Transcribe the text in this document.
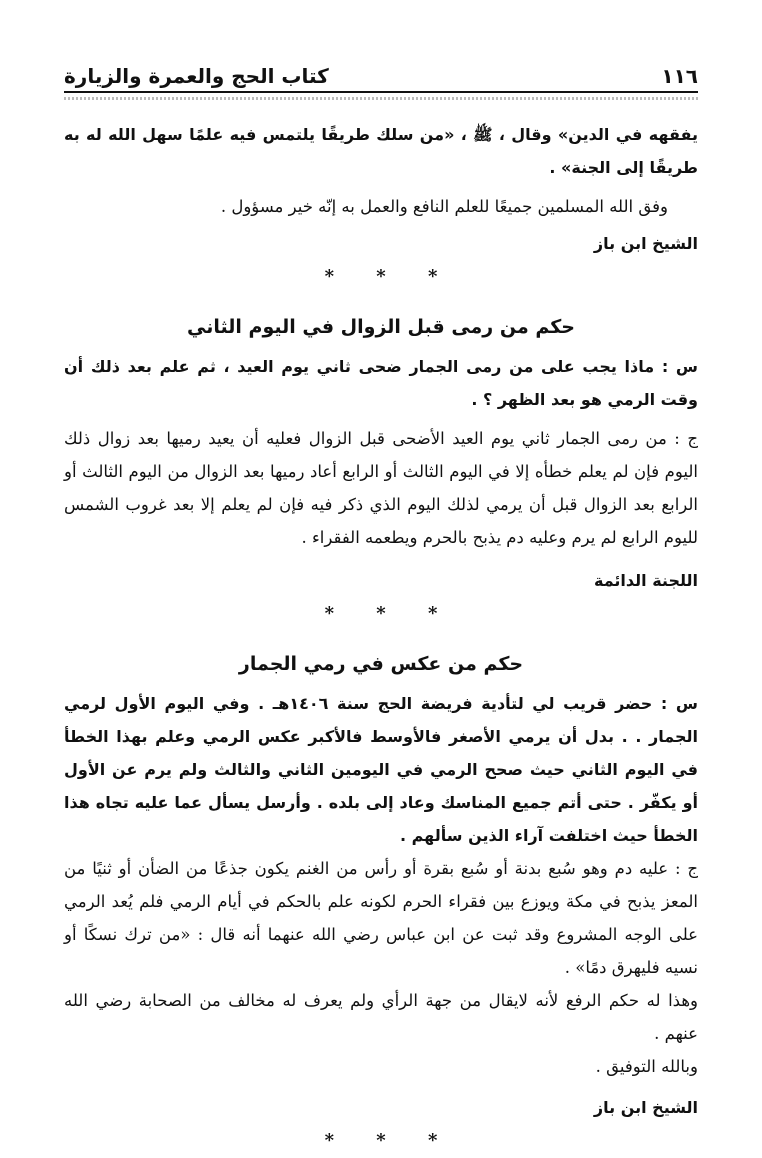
١١٦
كتاب الحج والعمرة والزيارة

يفقهه في الدين» وقال ، ﷺ ، «من سلك طريقًا يلتمس فيه علمًا سهل الله له به طريقًا إلى الجنة» .

وفق الله المسلمين جميعًا للعلم النافع والعمل به إنّه خير مسؤول .

الشيخ ابن باز

* * *
حكم من رمى قبل الزوال في اليوم الثاني

س : ماذا يجب على من رمى الجمار ضحى ثاني يوم العيد ، ثم علم بعد ذلك أن وقت الرمي هو بعد الظهر ؟ .

ج : من رمى الجمار ثاني يوم العيد الأضحى قبل الزوال فعليه أن يعيد رميها بعد زوال ذلك اليوم فإن لم يعلم خطأه إلا في اليوم الثالث أو الرابع أعاد رميها بعد الزوال من اليوم الثالث أو الرابع بعد الزوال قبل أن يرمي لذلك اليوم الذي ذكر فيه فإن لم يعلم إلا بعد غروب الشمس لليوم الرابع لم يرم وعليه دم يذبح بالحرم ويطعمه الفقراء .

اللجنة الدائمة

* * *
حكم من عكس في رمي الجمار

س : حضر قريب لي لتأدية فريضة الحج سنة ١٤٠٦هـ . وفي اليوم الأول لرمي الجمار . . بدل أن يرمي الأصغر فالأوسط فالأكبر عكس الرمي وعلم بهذا الخطأ في اليوم الثاني حيث صحح الرمي في اليومين الثاني والثالث ولم يرم عن الأول أو يكفّر . حتى أتم جميع المناسك وعاد إلى بلده . وأرسل يسأل عما عليه تجاه هذا الخطأ حيث اختلفت آراء الذين سألهم .

ج : عليه دم وهو سُبع بدنة أو سُبع بقرة أو رأس من الغنم يكون جذعًا من الضأن أو ثنيًا من المعز يذبح في مكة ويوزع بين فقراء الحرم لكونه علم بالحكم في أيام الرمي فلم يُعد الرمي على الوجه المشروع وقد ثبت عن ابن عباس رضي الله عنهما أنه قال : «من ترك نسكًا أو نسيه فليهرق دمًا» .

وهذا له حكم الرفع لأنه لايقال من جهة الرأي ولم يعرف له مخالف من الصحابة رضي الله عنهم .

وبالله التوفيق .

الشيخ ابن باز

* * *
